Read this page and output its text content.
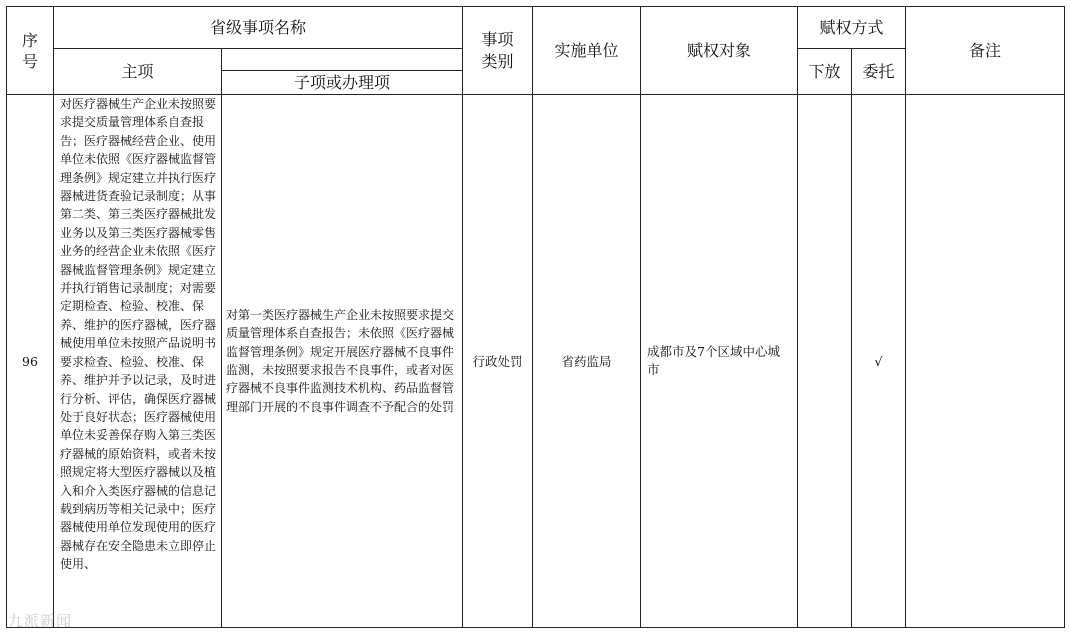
序号	省级事项名称		事项类别	实施单位	赋权对象	赋权方式		备注
	主项					下放	委托	
		子项或办理项						
96	对医疗器械生产企业未按照要求提交质量管理体系自查报告；医疗器械经营企业、使用单位未依照《医疗器械监督管理条例》规定建立并执行医疗器械进货查验记录制度；从事第二类、第三类医疗器械批发业务以及第三类医疗器械零售业务的经营企业未依照《医疗器械监督管理条例》规定建立并执行销售记录制度；对需要定期检查、检验、校准、保养、维护的医疗器械，医疗器械使用单位未按照产品说明书要求检查、检验、校准、保养、维护并予以记录，及时进行分析、评估，确保医疗器械处于良好状态；医疗器械使用单位未妥善保存购入第三类医疗器械的原始资料，或者未按照规定将大型医疗器械以及植入和介入类医疗器械的信息记载到病历等相关记录中；医疗器械使用单位发现使用的医疗器械存在安全隐患未立即停止使用、	对第一类医疗器械生产企业未按照要求提交质量管理体系自查报告；未依照《医疗器械监督管理条例》规定开展医疗器械不良事件监测，未按照要求报告不良事件，或者对医疗器械不良事件监测技术机构、药品监督管理部门开展的不良事件调查不予配合的处罚	行政处罚	省药监局	成都市及7个区域中心城市		√	
九派新闻
